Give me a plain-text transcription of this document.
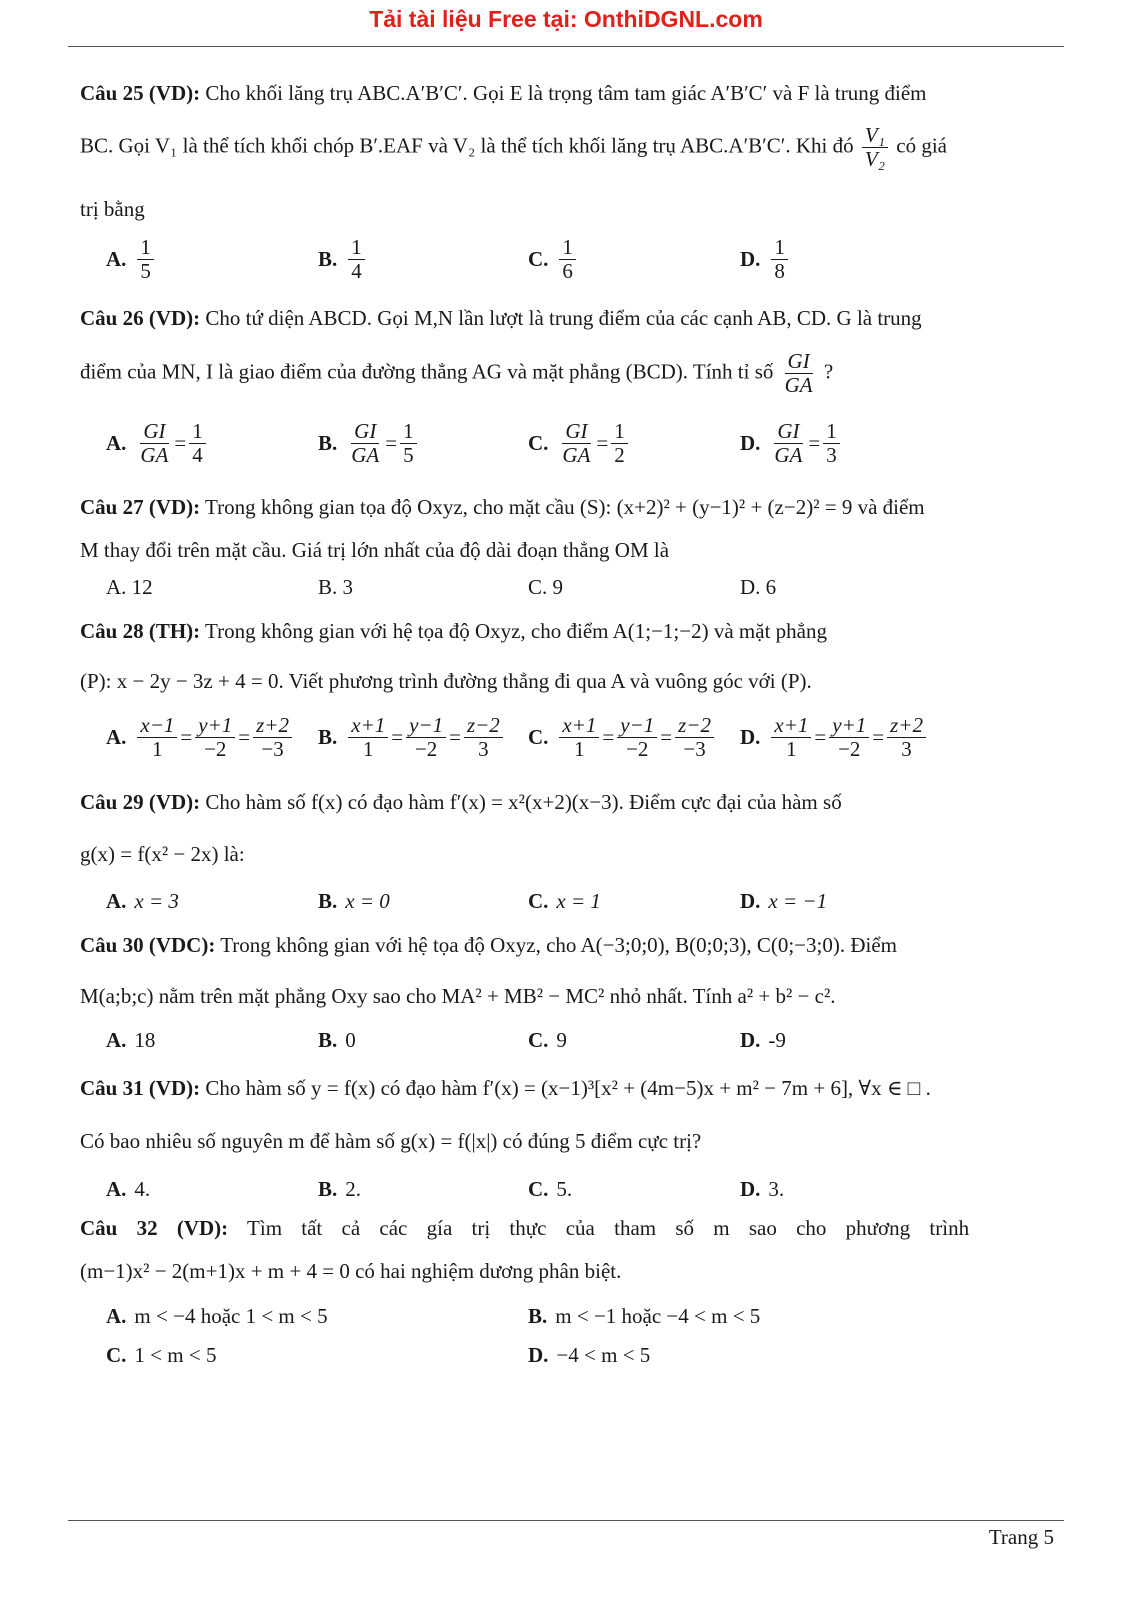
Tải tài liệu Free tại: OnthiDGNL.com
Câu 25 (VD): Cho khối lăng trụ ABC.A′B′C′. Gọi E là trọng tâm tam giác A′B′C′ và F là trung điểm
BC. Gọi V₁ là thể tích khối chóp B′.EAF và V₂ là thể tích khối lăng trụ ABC.A′B′C′. Khi đó $\frac{\text{V₁}}{\text{V₂}}$ có giá
trị bằng
A. $\frac{1}{5}$	B. $\frac{1}{4}$	C. $\frac{1}{6}$	D. $\frac{1}{8}$
Câu 26 (VD): Cho tứ diện ABCD. Gọi M,N lần lượt là trung điểm của các cạnh AB, CD. G là trung
điểm của MN, I là giao điểm của đường thẳng AG và mặt phẳng (BCD). Tính tỉ số $\frac{GI}{GA}$ ?
A. $\frac{GI}{GA} = \frac{1}{4}$	B. $\frac{GI}{GA} = \frac{1}{5}$	C. $\frac{GI}{GA} = \frac{1}{2}$	D. $\frac{GI}{GA} = \frac{1}{3}$
Câu 27 (VD): Trong không gian tọa độ Oxyz, cho mặt cầu (S): (x+2)² + (y−1)² + (z−2)² = 9 và điểm
M thay đổi trên mặt cầu. Giá trị lớn nhất của độ dài đoạn thẳng OM là
A. 12	B. 3	C. 9	D. 6
Câu 28 (TH): Trong không gian với hệ tọa độ Oxyz, cho điểm A(1;−1;−2) và mặt phẳng
(P): x − 2y − 3z + 4 = 0. Viết phương trình đường thẳng đi qua A và vuông góc với (P).
A. $\frac{x-1}{1} = \frac{y+1}{-2} = \frac{z+2}{-3} B$. $\frac{x+1}{1} = \frac{y-1}{-2} = \frac{z-2}{3} C$. $\frac{x+1}{1} = \frac{y-1}{-2} = \frac{z-2}{-3} D$. $\frac{x+1}{1} = \frac{y+1}{-2} = \frac{z+2}{3}$
Câu 29 (VD): Cho hàm số f(x) có đạo hàm f′(x) = x²(x+2)(x−3). Điểm cực đại của hàm số
g(x) = f(x² − 2x) là:
A. x = 3	B. x = 0	C. x = 1	D. x = −1
Câu 30 (VDC): Trong không gian với hệ tọa độ Oxyz, cho A(−3;0;0), B(0;0;3), C(0;−3;0). Điểm
M(a;b;c) nằm trên mặt phẳng Oxy sao cho MA² + MB² − MC² nhỏ nhất. Tính a² + b² − c².
A. 18	B. 0	C. 9	D. -9
Câu 31 (VD): Cho hàm số y = f(x) có đạo hàm f′(x) = (x−1)³[x² + (4m−5)x + m² − 7m + 6], ∀x ∈ □ .
Có bao nhiêu số nguyên m để hàm số g(x) = f(|x|) có đúng 5 điểm cực trị?
A. 4.	B. 2.	C. 5.	D. 3.
Câu 32 (VD): Tìm tất cả các gía trị thực của tham số m sao cho phương trình
(m−1)x² − 2(m+1)x + m + 4 = 0 có hai nghiệm dương phân biệt.
A. m < −4 hoặc 1 < m < 5	B. m < −1 hoặc −4 < m < 5
C. 1 < m < 5	D. −4 < m < 5
Trang 5
